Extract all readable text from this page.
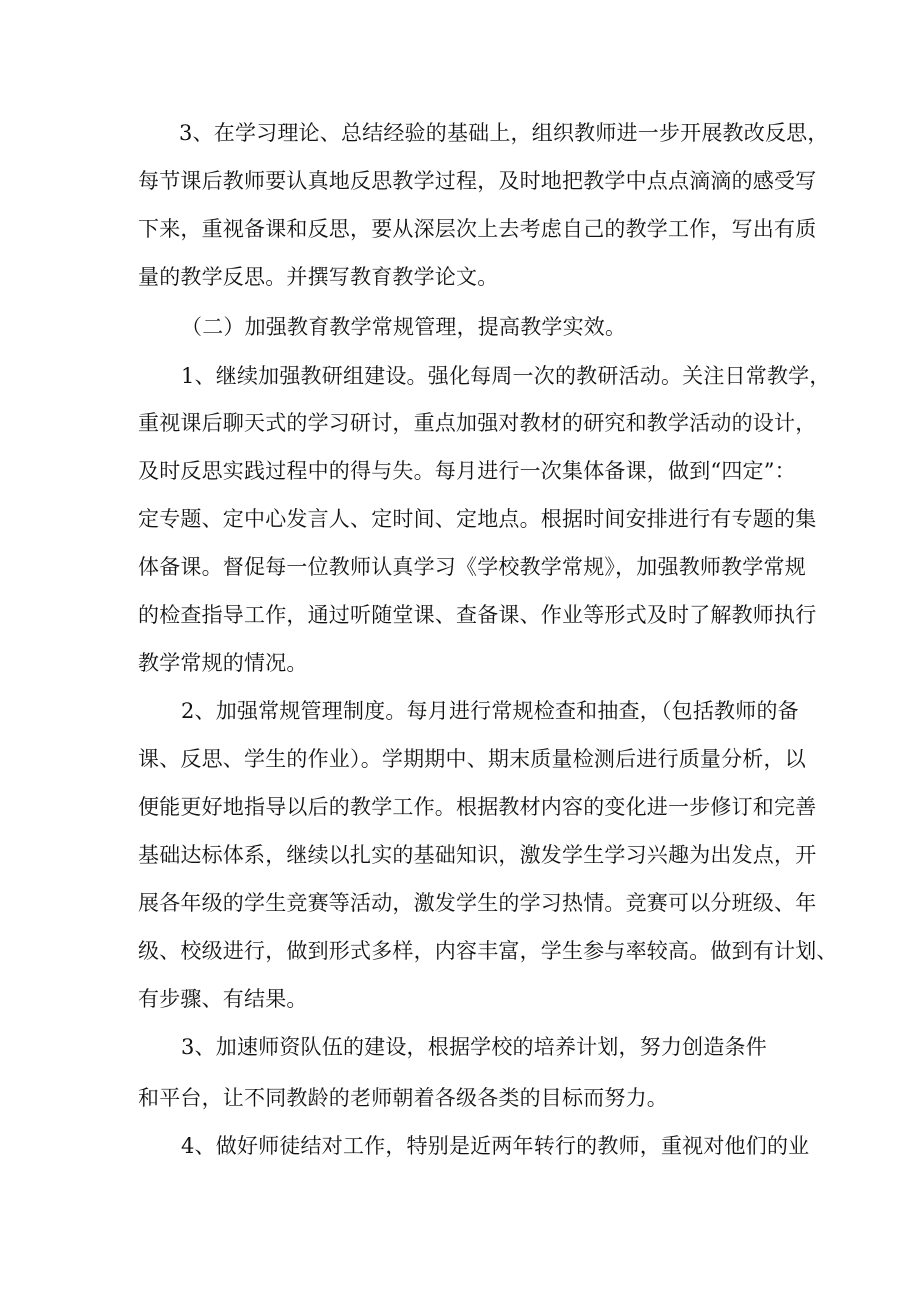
3、在学习理论、总结经验的基础上，组织教师进一步开展教改反思，
每节课后教师要认真地反思教学过程，及时地把教学中点点滴滴的感受写
下来，重视备课和反思，要从深层次上去考虑自己的教学工作，写出有质
量的教学反思。并撰写教育教学论文。
（二）加强教育教学常规管理，提高教学实效。
1、继续加强教研组建设。强化每周一次的教研活动。关注日常教学，
重视课后聊天式的学习研讨，重点加强对教材的研究和教学活动的设计，
及时反思实践过程中的得与失。每月进行一次集体备课，做到“四定”：
定专题、定中心发言人、定时间、定地点。根据时间安排进行有专题的集
体备课。督促每一位教师认真学习《学校教学常规》，加强教师教学常规
的检查指导工作，通过听随堂课、查备课、作业等形式及时了解教师执行
教学常规的情况。
2、加强常规管理制度。每月进行常规检查和抽查，（包括教师的备
课、反思、学生的作业）。学期期中、期末质量检测后进行质量分析，以
便能更好地指导以后的教学工作。根据教材内容的变化进一步修订和完善
基础达标体系，继续以扎实的基础知识，激发学生学习兴趣为出发点，开
展各年级的学生竞赛等活动，激发学生的学习热情。竞赛可以分班级、年
级、校级进行，做到形式多样，内容丰富，学生参与率较高。做到有计划、
有步骤、有结果。
3、加速师资队伍的建设，根据学校的培养计划，努力创造条件
和平台，让不同教龄的老师朝着各级各类的目标而努力。
4、做好师徒结对工作，特别是近两年转行的教师，重视对他们的业
